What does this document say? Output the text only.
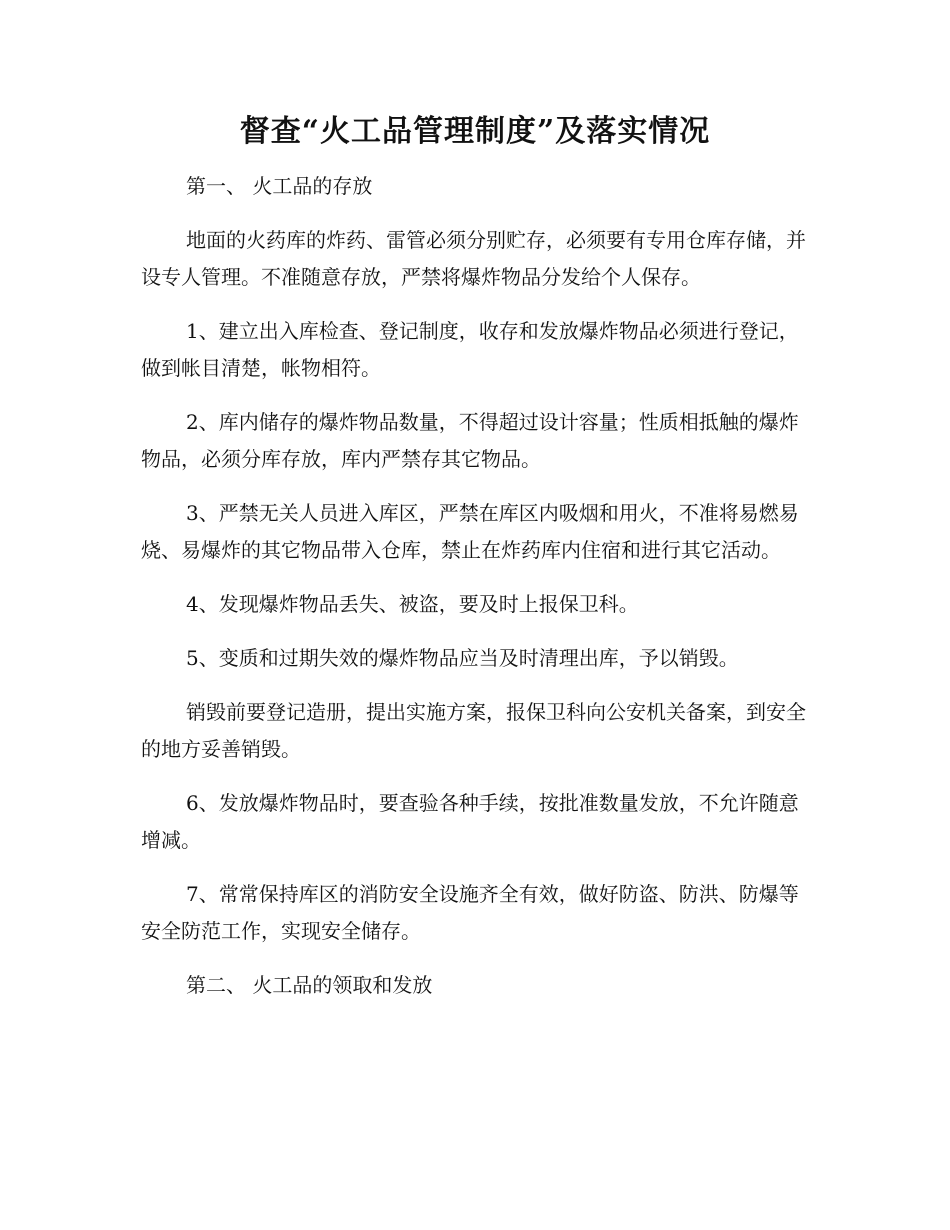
督查“火工品管理制度”及落实情况

第一、 火工品的存放

地面的火药库的炸药、雷管必须分别贮存，必须要有专用仓库存储，并设专人管理。不准随意存放，严禁将爆炸物品分发给个人保存。

1、建立出入库检查、登记制度，收存和发放爆炸物品必须进行登记，做到帐目清楚，帐物相符。

2、库内储存的爆炸物品数量，不得超过设计容量；性质相抵触的爆炸物品，必须分库存放，库内严禁存其它物品。

3、严禁无关人员进入库区，严禁在库区内吸烟和用火，不准将易燃易烧、易爆炸的其它物品带入仓库，禁止在炸药库内住宿和进行其它活动。

4、发现爆炸物品丢失、被盗，要及时上报保卫科。

5、变质和过期失效的爆炸物品应当及时清理出库，予以销毁。

销毁前要登记造册，提出实施方案，报保卫科向公安机关备案，到安全的地方妥善销毁。

6、发放爆炸物品时，要查验各种手续，按批准数量发放，不允许随意增减。

7、常常保持库区的消防安全设施齐全有效，做好防盗、防洪、防爆等安全防范工作，实现安全储存。

第二、 火工品的领取和发放
